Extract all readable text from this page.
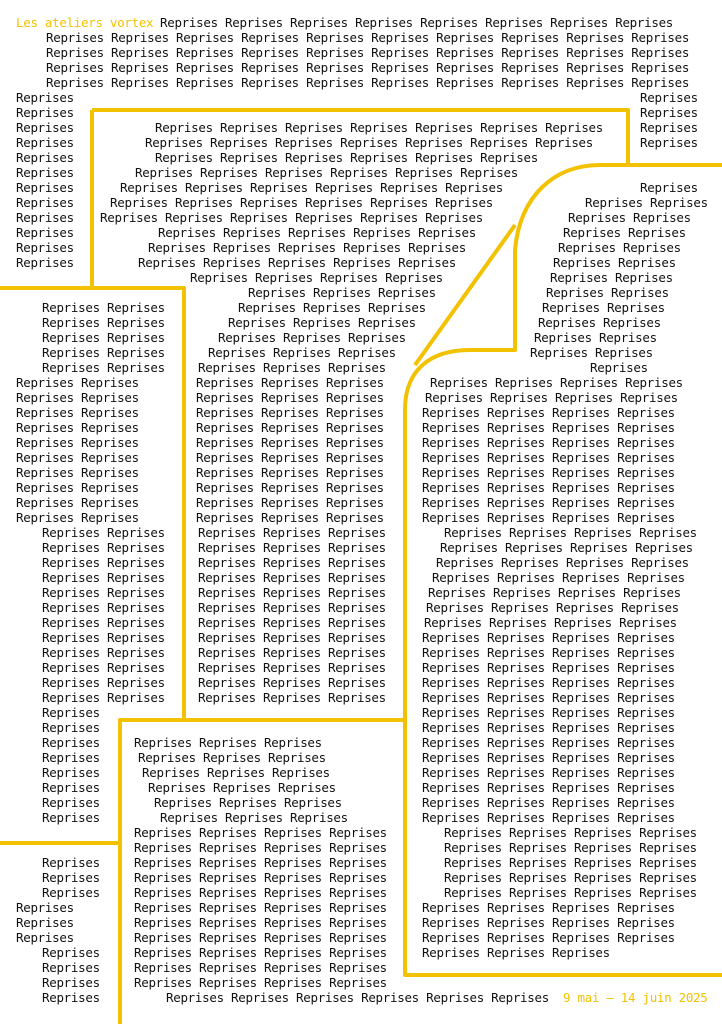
Reprises Reprises Reprises Reprises Reprises Reprises Reprises Reprises
Reprises Reprises Reprises Reprises Reprises Reprises Reprises Reprises Reprises Reprises
Reprises Reprises Reprises Reprises Reprises Reprises Reprises Reprises Reprises Reprises
Reprises Reprises Reprises Reprises Reprises Reprises Reprises Reprises Reprises Reprises
Reprises Reprises Reprises Reprises Reprises Reprises Reprises Reprises Reprises Reprises
Reprises	Reprises
Reprises	Reprises
Reprises	Reprises Reprises Reprises Reprises Reprises Reprises Reprises	Reprises
Reprises	Reprises Reprises Reprises Reprises Reprises Reprises Reprises	Reprises
Reprises	Reprises Reprises Reprises Reprises Reprises Reprises
Reprises	Reprises Reprises Reprises Reprises Reprises Reprises
Reprises	Reprises Reprises Reprises Reprises Reprises Reprises	Reprises
Reprises	Reprises Reprises Reprises Reprises Reprises Reprises	Reprises Reprises
Reprises Reprises Reprises Reprises Reprises Reprises Reprises	Reprises Reprises
Reprises	Reprises Reprises Reprises Reprises Reprises	Reprises Reprises
Reprises	Reprises Reprises Reprises Reprises Reprises	Reprises Reprises
Reprises	Reprises Reprises Reprises Reprises Reprises	Reprises Reprises
Reprises Reprises Reprises Reprises	Reprises Reprises
Reprises Reprises Reprises	Reprises Reprises
Reprises Reprises	Reprises Reprises Reprises	Reprises Reprises
Reprises Reprises	Reprises Reprises Reprises	Reprises Reprises
Reprises Reprises	Reprises Reprises Reprises	Reprises Reprises
Reprises Reprises	Reprises Reprises Reprises	Reprises Reprises
Reprises Reprises	Reprises Reprises Reprises	Reprises
Reprises Reprises	Reprises Reprises Reprises	Reprises Reprises Reprises Reprises
Reprises Reprises	Reprises Reprises Reprises	Reprises Reprises Reprises Reprises
Reprises Reprises	Reprises Reprises Reprises	Reprises Reprises Reprises Reprises
Reprises Reprises	Reprises Reprises Reprises	Reprises Reprises Reprises Reprises
Reprises Reprises	Reprises Reprises Reprises	Reprises Reprises Reprises Reprises
Reprises Reprises	Reprises Reprises Reprises	Reprises Reprises Reprises Reprises
Reprises Reprises	Reprises Reprises Reprises	Reprises Reprises Reprises Reprises
Reprises Reprises	Reprises Reprises Reprises	Reprises Reprises Reprises Reprises
Reprises Reprises	Reprises Reprises Reprises	Reprises Reprises Reprises Reprises
Reprises Reprises	Reprises Reprises Reprises	Reprises Reprises Reprises Reprises
Reprises Reprises	Reprises Reprises Reprises	Reprises Reprises Reprises Reprises
Reprises Reprises	Reprises Reprises Reprises	Reprises Reprises Reprises Reprises
Reprises Reprises	Reprises Reprises Reprises	Reprises Reprises Reprises Reprises
Reprises Reprises	Reprises Reprises Reprises	Reprises Reprises Reprises Reprises
Reprises Reprises	Reprises Reprises Reprises	Reprises Reprises Reprises Reprises
Reprises Reprises	Reprises Reprises Reprises	Reprises Reprises Reprises Reprises
Reprises Reprises	Reprises Reprises Reprises	Reprises Reprises Reprises Reprises
Reprises Reprises	Reprises Reprises Reprises	Reprises Reprises Reprises Reprises
Reprises Reprises	Reprises Reprises Reprises	Reprises Reprises Reprises Reprises
Reprises Reprises	Reprises Reprises Reprises	Reprises Reprises Reprises Reprises
Reprises Reprises	Reprises Reprises Reprises	Reprises Reprises Reprises Reprises
Reprises Reprises	Reprises Reprises Reprises	Reprises Reprises Reprises Reprises
Reprises	Reprises Reprises Reprises Reprises
Reprises	Reprises Reprises Reprises Reprises
Reprises	Reprises Reprises Reprises	Reprises Reprises Reprises Reprises
Reprises	Reprises Reprises Reprises	Reprises Reprises Reprises Reprises
Reprises	Reprises Reprises Reprises	Reprises Reprises Reprises Reprises
Reprises	Reprises Reprises Reprises	Reprises Reprises Reprises Reprises
Reprises	Reprises Reprises Reprises	Reprises Reprises Reprises Reprises
Reprises	Reprises Reprises Reprises	Reprises Reprises Reprises Reprises
Reprises Reprises Reprises Reprises	Reprises Reprises Reprises Reprises
Reprises Reprises Reprises Reprises	Reprises Reprises Reprises Reprises
Reprises	Reprises Reprises Reprises Reprises	Reprises Reprises Reprises Reprises
Reprises	Reprises Reprises Reprises Reprises	Reprises Reprises Reprises Reprises
Reprises	Reprises Reprises Reprises Reprises	Reprises Reprises Reprises Reprises
Reprises	Reprises Reprises Reprises Reprises	Reprises Reprises Reprises Reprises
Reprises	Reprises Reprises Reprises Reprises	Reprises Reprises Reprises Reprises
Reprises	Reprises Reprises Reprises Reprises	Reprises Reprises Reprises Reprises
Reprises	Reprises Reprises Reprises Reprises	Reprises Reprises Reprises
Reprises	Reprises Reprises Reprises Reprises
Reprises	Reprises Reprises Reprises Reprises
Reprises	Reprises Reprises Reprises Reprises Reprises Reprises
Les ateliers vortex
9 mai — 14 juin 2025
